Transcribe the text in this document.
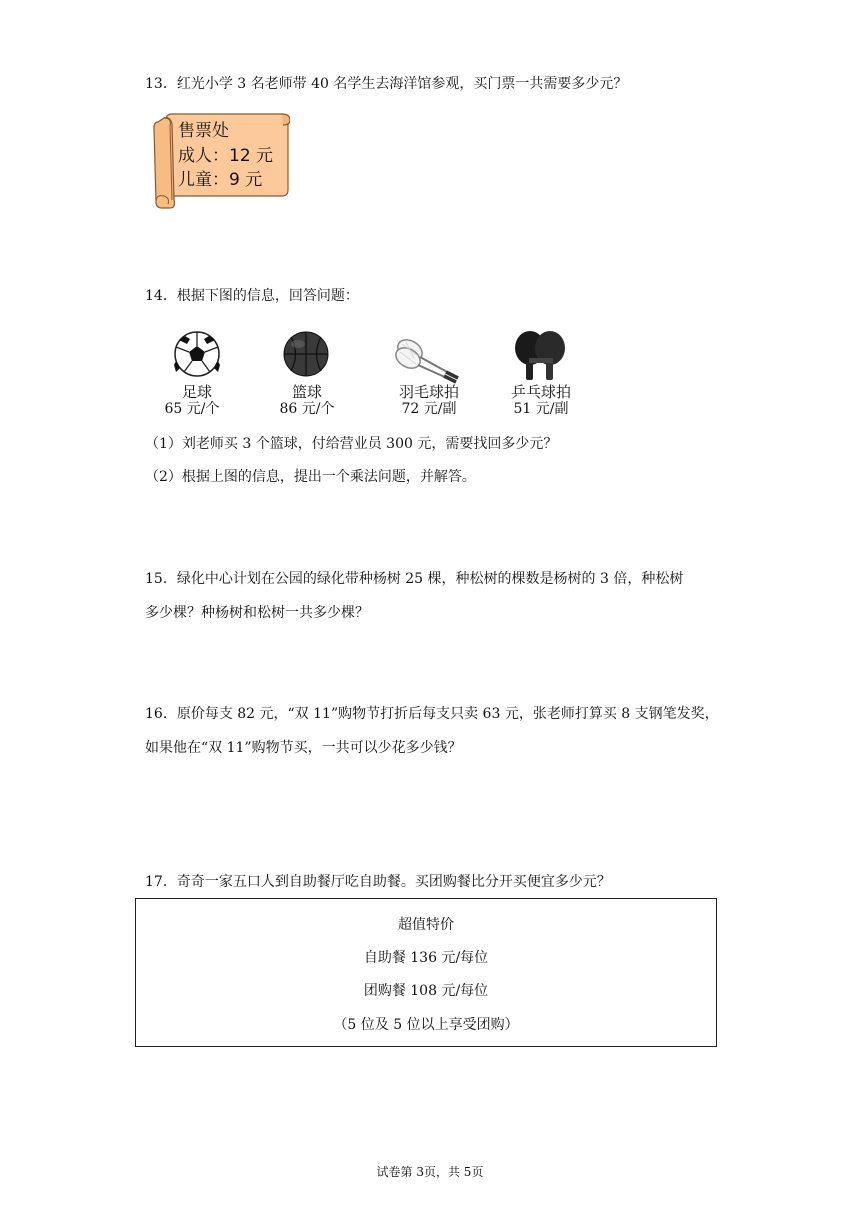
13．红光小学 3 名老师带 40 名学生去海洋馆参观，买门票一共需要多少元？
售票处
成人：12 元
儿童：9 元
14．根据下图的信息，回答问题：
足球
65 元/个
篮球
86 元/个
羽毛球拍
72 元/副
乒乓球拍
51 元/副
（1）刘老师买 3 个篮球，付给营业员 300 元，需要找回多少元？
（2）根据上图的信息，提出一个乘法问题，并解答。
15．绿化中心计划在公园的绿化带种杨树 25 棵，种松树的棵数是杨树的 3 倍，种松树
多少棵？种杨树和松树一共多少棵？
16．原价每支 82 元，“双 11”购物节打折后每支只卖 63 元，张老师打算买 8 支钢笔发奖，
如果他在“双 11”购物节买，一共可以少花多少钱？
17．奇奇一家五口人到自助餐厅吃自助餐。买团购餐比分开买便宜多少元？
超值特价
自助餐 136 元/每位
团购餐 108 元/每位
（5 位及 5 位以上享受团购）
试卷第 3页，共 5页
